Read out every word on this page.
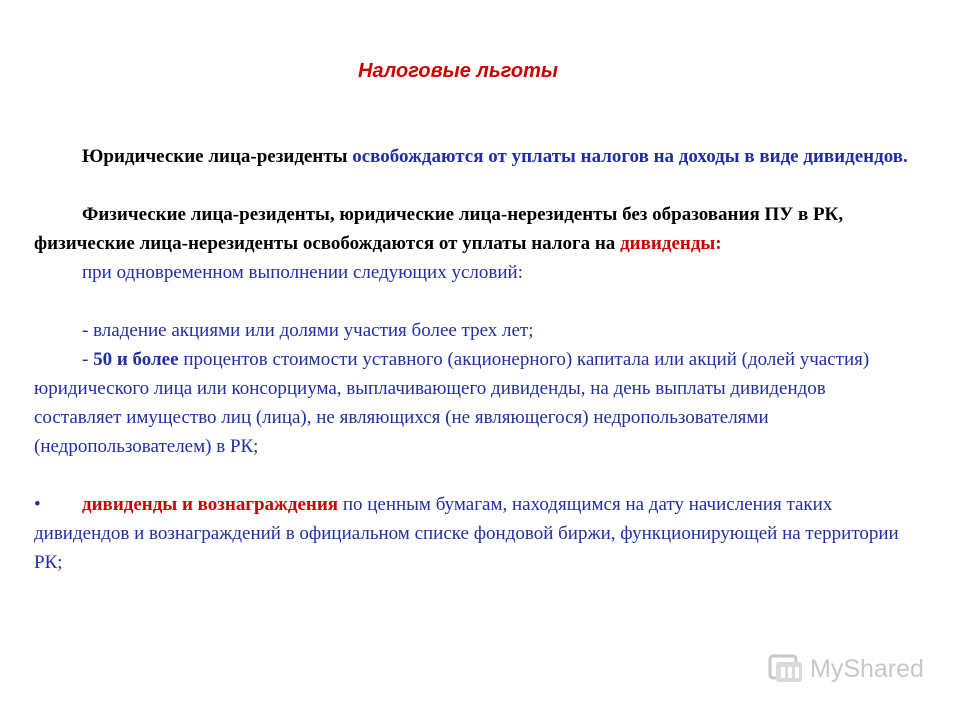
Налоговые льготы

Юридические лица-резиденты освобождаются от уплаты налогов на доходы в виде дивидендов.

Физические лица-резиденты, юридические лица-нерезиденты без образования ПУ в РК, физические лица-нерезиденты освобождаются от уплаты налога на дивиденды:

при одновременном выполнении следующих условий:

- владение акциями или долями участия более трех лет;

- 50 и более процентов стоимости уставного (акционерного) капитала или акций (долей участия) юридического лица или консорциума, выплачивающего дивиденды, на день выплаты дивидендов составляет имущество лиц (лица), не являющихся (не являющегося) недропользователями (недропользователем) в РК;

• дивиденды и вознаграждения по ценным бумагам, находящимся на дату начисления таких дивидендов и вознаграждений в официальном списке фондовой биржи, функционирующей на территории РК;

MyShared
